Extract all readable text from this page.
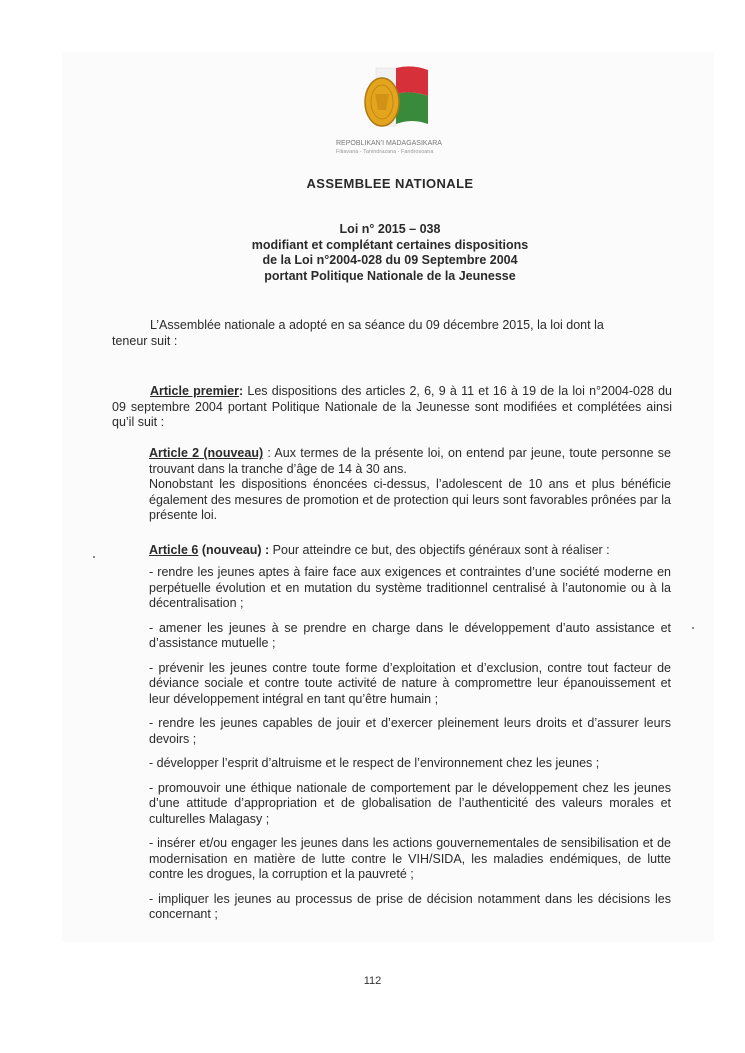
REPOBLIKAN'I MADAGASIKARA
Fitiavana - Tanindrazana - Fandrosoana
ASSEMBLEE NATIONALE
Loi n° 2015 – 038
modifiant et complétant certaines dispositions
de la Loi n°2004-028 du 09 Septembre 2004
portant Politique Nationale de la Jeunesse
L’Assemblée nationale a adopté en sa séance du 09 décembre 2015, la loi dont la
teneur suit :
Article premier: Les dispositions des articles 2, 6, 9 à 11 et 16 à 19 de la loi n°2004-028 du 09 septembre 2004 portant Politique Nationale de la Jeunesse sont modifiées et complétées ainsi qu’il suit :
Article 2 (nouveau) : Aux termes de la présente loi, on entend par jeune, toute personne se trouvant dans la tranche d’âge de 14 à 30 ans.
Nonobstant les dispositions énoncées ci-dessus, l’adolescent de 10 ans et plus bénéficie également des mesures de promotion et de protection qui leurs sont favorables prônées par la présente loi.
Article 6 (nouveau) : Pour atteindre ce but, des objectifs généraux sont à réaliser :
- rendre les jeunes aptes à faire face aux exigences et contraintes d’une société moderne en perpétuelle évolution et en mutation du système traditionnel centralisé à l’autonomie ou à la décentralisation ;
- amener les jeunes à se prendre en charge dans le développement d’auto assistance et d’assistance mutuelle ;
- prévenir les jeunes contre toute forme d’exploitation et d’exclusion, contre tout facteur de déviance sociale et contre toute activité de nature à compromettre leur épanouissement et leur développement intégral en tant qu’être humain ;
- rendre les jeunes capables de jouir et d’exercer pleinement leurs droits et d’assurer leurs devoirs ;
- développer l’esprit d’altruisme et le respect de l’environnement chez les jeunes ;
- promouvoir une éthique nationale de comportement par le développement chez les jeunes d’une attitude d’appropriation et de globalisation de l’authenticité des valeurs morales et culturelles Malagasy ;
- insérer et/ou engager les jeunes dans les actions gouvernementales de sensibilisation et de modernisation en matière de lutte contre le VIH/SIDA, les maladies endémiques, de lutte contre les drogues, la corruption et la pauvreté ;
- impliquer les jeunes au processus de prise de décision notamment dans les décisions les concernant ;
112
